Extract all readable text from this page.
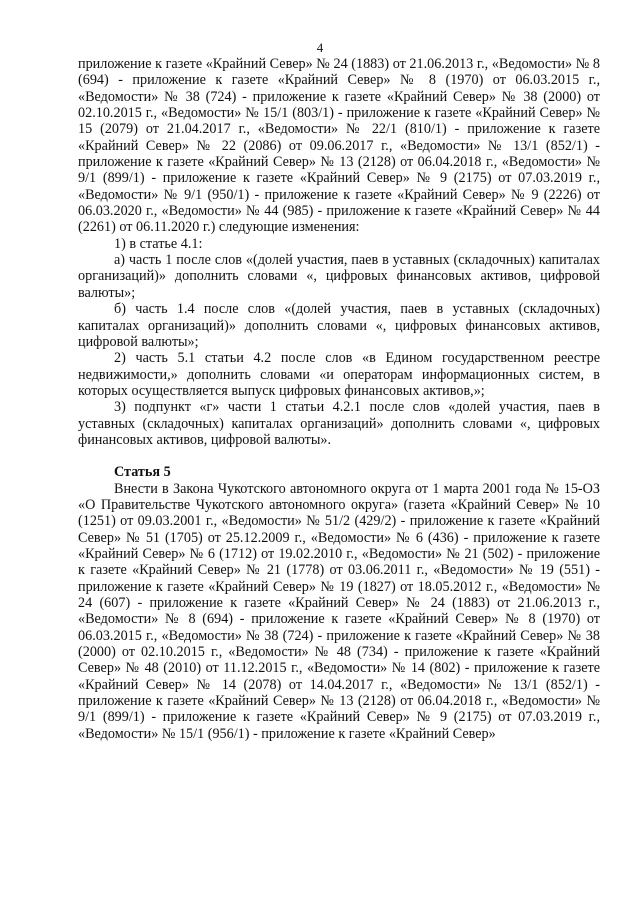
4

приложение к газете «Крайний Север» № 24 (1883) от 21.06.2013 г., «Ведомости» № 8 (694) - приложение к газете «Крайний Север» № 8 (1970) от 06.03.2015 г., «Ведомости» № 38 (724) - приложение к газете «Крайний Север» № 38 (2000) от 02.10.2015 г., «Ведомости» № 15/1 (803/1) - приложение к газете «Крайний Север» № 15 (2079) от 21.04.2017 г., «Ведомости» № 22/1 (810/1) - приложение к газете «Крайний Север» № 22 (2086) от 09.06.2017 г., «Ведомости» № 13/1 (852/1) - приложение к газете «Крайний Север» № 13 (2128) от 06.04.2018 г., «Ведомости» № 9/1 (899/1) - приложение к газете «Крайний Север» № 9 (2175) от 07.03.2019 г., «Ведомости» № 9/1 (950/1) - приложение к газете «Крайний Север» № 9 (2226) от 06.03.2020 г., «Ведомости» № 44 (985) - приложение к газете «Крайний Север» № 44 (2261) от 06.11.2020 г.) следующие изменения:

1) в статье 4.1:

а) часть 1 после слов «(долей участия, паев в уставных (складочных) капиталах организаций)» дополнить словами «, цифровых финансовых активов, цифровой валюты»;

б) часть 1.4 после слов «(долей участия, паев в уставных (складочных) капиталах организаций)» дополнить словами «, цифровых финансовых активов, цифровой валюты»;

2) часть 5.1 статьи 4.2 после слов «в Едином государственном реестре недвижимости,» дополнить словами «и операторам информационных систем, в которых осуществляется выпуск цифровых финансовых активов,»;

3) подпункт «г» части 1 статьи 4.2.1 после слов «долей участия, паев в уставных (складочных) капиталах организаций» дополнить словами «, цифровых финансовых активов, цифровой валюты».

Статья 5

Внести в Закона Чукотского автономного округа от 1 марта 2001 года № 15-ОЗ «О Правительстве Чукотского автономного округа» (газета «Крайний Север» № 10 (1251) от 09.03.2001 г., «Ведомости» № 51/2 (429/2) - приложение к газете «Крайний Север» № 51 (1705) от 25.12.2009 г., «Ведомости» № 6 (436) - приложение к газете «Крайний Север» № 6 (1712) от 19.02.2010 г., «Ведомости» № 21 (502) - приложение к газете «Крайний Север» № 21 (1778) от 03.06.2011 г., «Ведомости» № 19 (551) - приложение к газете «Крайний Север» № 19 (1827) от 18.05.2012 г., «Ведомости» № 24 (607) - приложение к газете «Крайний Север» № 24 (1883) от 21.06.2013 г., «Ведомости» № 8 (694) - приложение к газете «Крайний Север» № 8 (1970) от 06.03.2015 г., «Ведомости» № 38 (724) - приложение к газете «Крайний Север» № 38 (2000) от 02.10.2015 г., «Ведомости» № 48 (734) - приложение к газете «Крайний Север» № 48 (2010) от 11.12.2015 г., «Ведомости» № 14 (802) - приложение к газете «Крайний Север» № 14 (2078) от 14.04.2017 г., «Ведомости» № 13/1 (852/1) - приложение к газете «Крайний Север» № 13 (2128) от 06.04.2018 г., «Ведомости» № 9/1 (899/1) - приложение к газете «Крайний Север» № 9 (2175) от 07.03.2019 г., «Ведомости» № 15/1 (956/1) - приложение к газете «Крайний Север»
